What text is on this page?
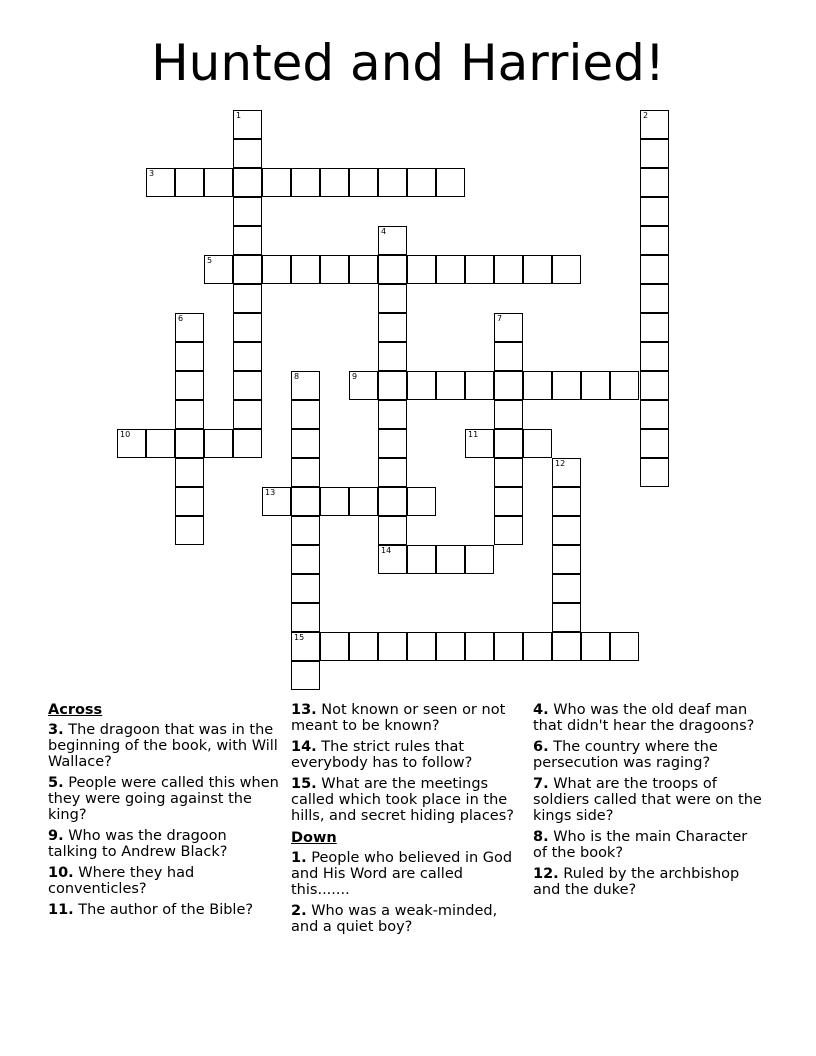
Hunted and Harried!
1
3
2
5
4
14
6	7
9
8
15
10	11
12
13
Across
3. The dragoon that was in the beginning of the book, with Will Wallace?
5. People were called this when they were going against the king?
9. Who was the dragoon talking to Andrew Black?
10. Where they had conventicles?
11. The author of the Bible?
13. Not known or seen or not meant to be known?
14. The strict rules that everybody has to follow?
15. What are the meetings called which took place in the hills, and secret hiding places?
Down
1. People who believed in God and His Word are called this.......
2. Who was a weak-minded, and a quiet boy?
4. Who was the old deaf man that didn't hear the dragoons?
6. The country where the persecution was raging?
7. What are the troops of soldiers called that were on the kings side?
8. Who is the main Character of the book?
12. Ruled by the archbishop and the duke?
